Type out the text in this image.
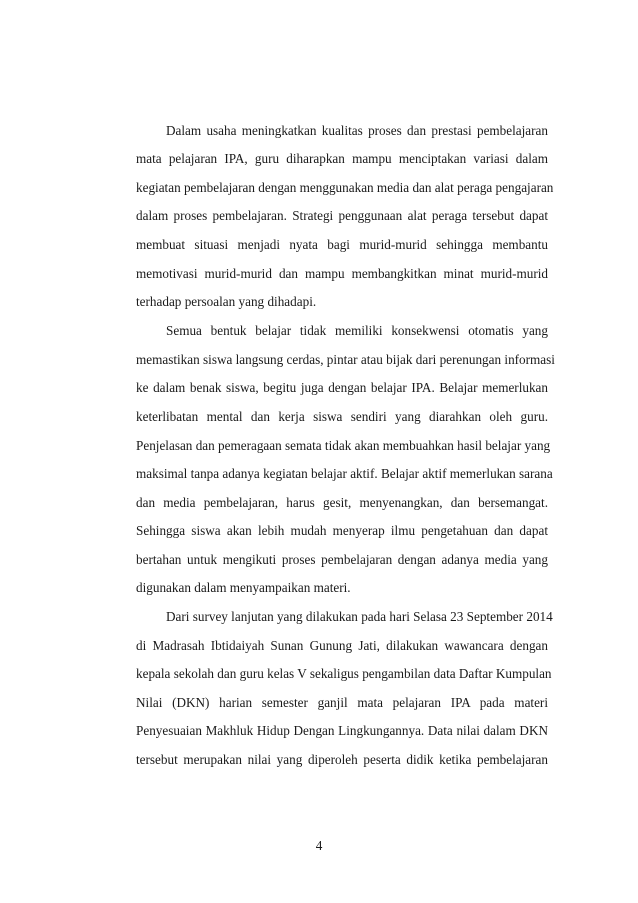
Dalam usaha meningkatkan kualitas proses dan prestasi pembelajaran
mata pelajaran IPA, guru diharapkan mampu menciptakan variasi dalam
kegiatan pembelajaran dengan menggunakan media dan alat peraga pengajaran
dalam proses pembelajaran. Strategi penggunaan alat peraga tersebut dapat
membuat situasi menjadi nyata bagi murid-murid sehingga membantu
memotivasi murid-murid dan mampu membangkitkan minat murid-murid
terhadap persoalan yang dihadapi.
Semua bentuk belajar tidak memiliki konsekwensi otomatis yang
memastikan siswa langsung cerdas, pintar atau bijak dari perenungan informasi
ke dalam benak siswa, begitu juga dengan belajar IPA. Belajar memerlukan
keterlibatan mental dan kerja siswa sendiri yang diarahkan oleh guru.
Penjelasan dan pemeragaan semata tidak akan membuahkan hasil belajar yang
maksimal tanpa adanya kegiatan belajar aktif. Belajar aktif memerlukan sarana
dan media pembelajaran, harus gesit, menyenangkan, dan bersemangat.
Sehingga siswa akan lebih mudah menyerap ilmu pengetahuan dan dapat
bertahan untuk mengikuti proses pembelajaran dengan adanya media yang
digunakan dalam menyampaikan materi.
Dari survey lanjutan yang dilakukan pada hari Selasa 23 September 2014
di Madrasah Ibtidaiyah Sunan Gunung Jati, dilakukan wawancara dengan
kepala sekolah dan guru kelas V sekaligus pengambilan data Daftar Kumpulan
Nilai (DKN) harian semester ganjil mata pelajaran IPA pada materi
Penyesuaian Makhluk Hidup Dengan Lingkungannya. Data nilai dalam DKN
tersebut merupakan nilai yang diperoleh peserta didik ketika pembelajaran
4
